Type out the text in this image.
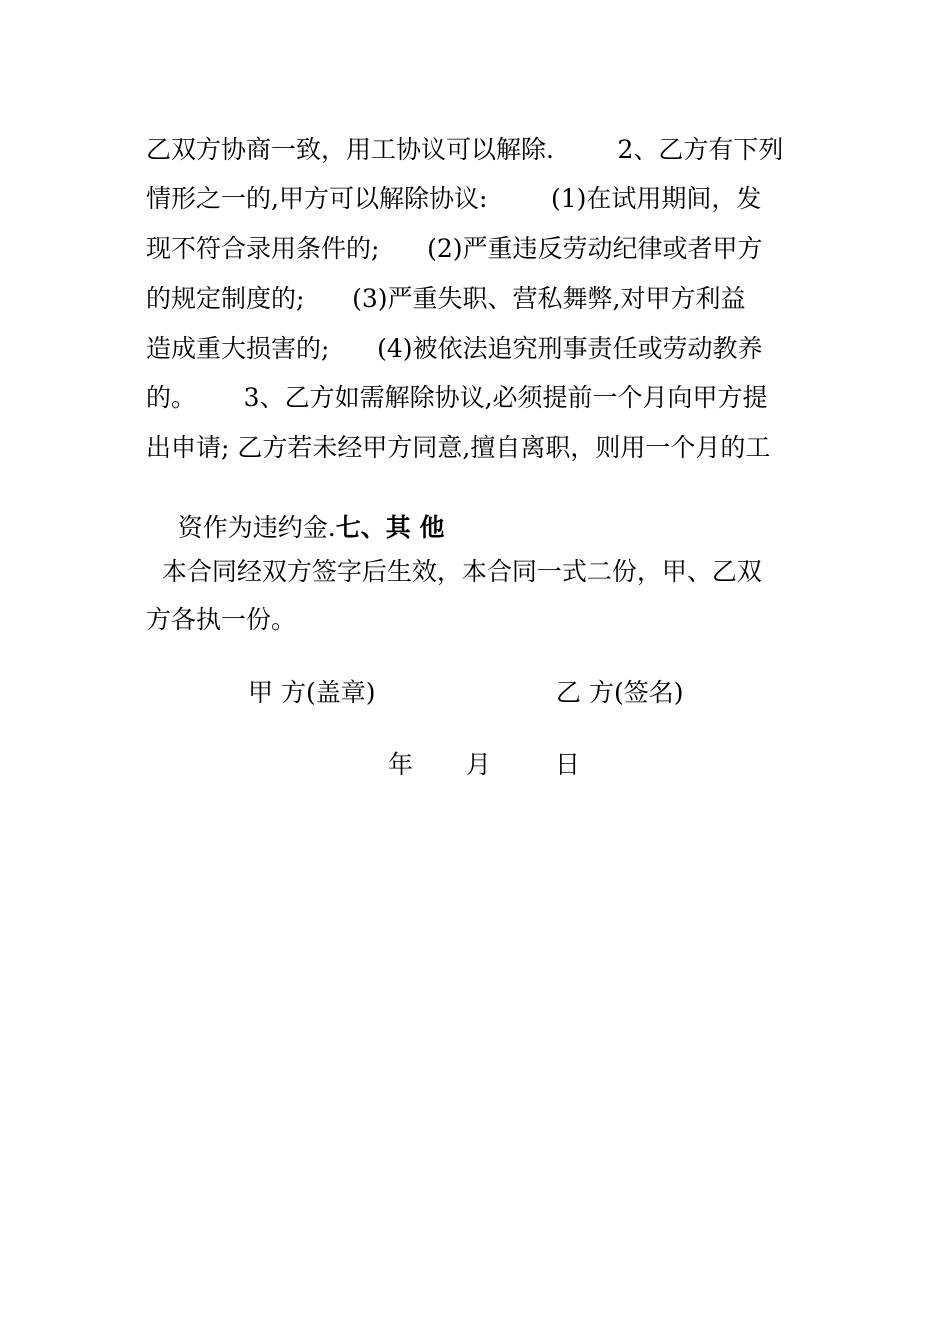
乙双方协商一致，用工协议可以解除.        2、乙方有下列
情形之一的,甲方可以解除协议:        (1)在试用期间，发
现不符合录用条件的;      (2)严重违反劳动纪律或者甲方
的规定制度的;      (3)严重失职、营私舞弊,对甲方利益
造成重大损害的;      (4)被依法追究刑事责任或劳动教养
的。      3、乙方如需解除协议,必须提前一个月向甲方提
出申请; 乙方若未经甲方同意,擅自离职，则用一个月的工

资作为违约金.七、其 他

本合同经双方签字后生效，本合同一式二份，甲、乙双
方各执一份。
甲 方(盖章)	乙 方(签名)
年 月	日
